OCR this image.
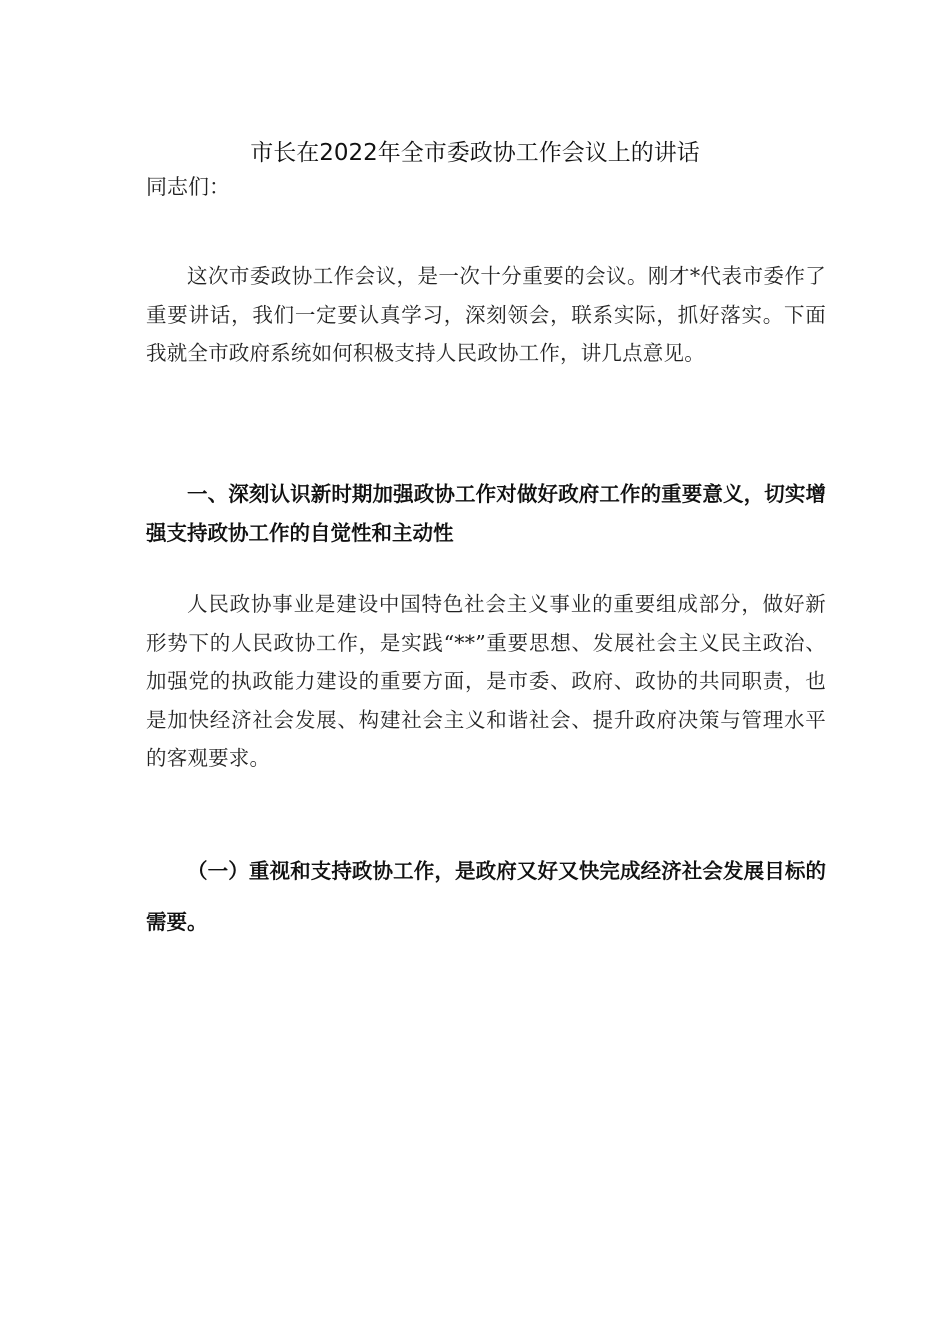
市长在2022年全市委政协工作会议上的讲话

同志们：

这次市委政协工作会议，是一次十分重要的会议。刚才*代表市委作了重要讲话，我们一定要认真学习，深刻领会，联系实际，抓好落实。下面我就全市政府系统如何积极支持人民政协工作，讲几点意见。

一、深刻认识新时期加强政协工作对做好政府工作的重要意义，切实增强支持政协工作的自觉性和主动性

人民政协事业是建设中国特色社会主义事业的重要组成部分，做好新形势下的人民政协工作，是实践“**”重要思想、发展社会主义民主政治、加强党的执政能力建设的重要方面，是市委、政府、政协的共同职责，也是加快经济社会发展、构建社会主义和谐社会、提升政府决策与管理水平的客观要求。

（一）重视和支持政协工作，是政府又好又快完成经济社会发展目标的需要。
